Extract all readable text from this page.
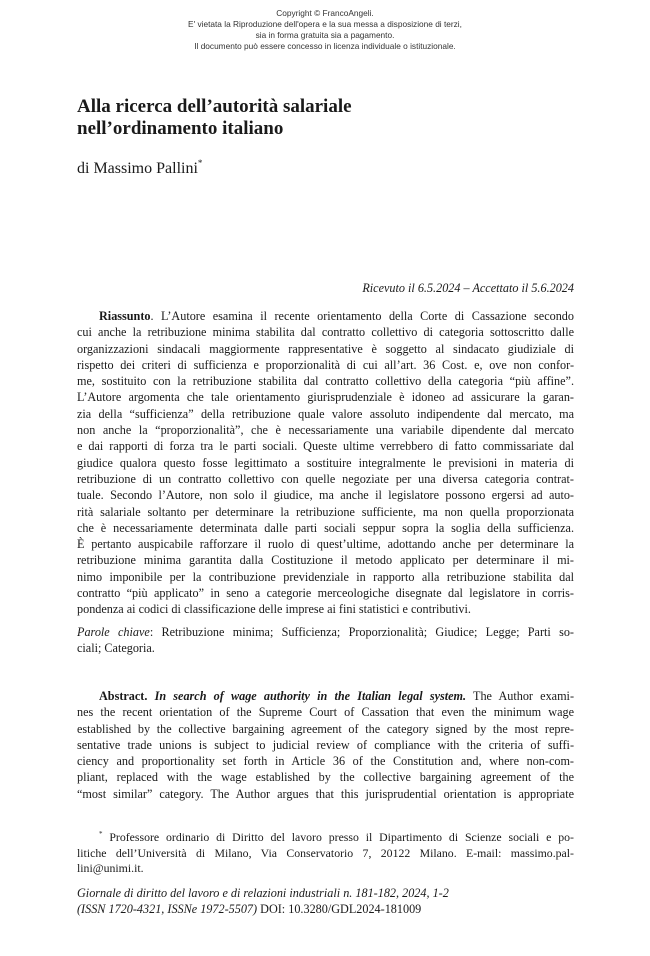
Copyright © FrancoAngeli.
E' vietata la Riproduzione dell'opera e la sua messa a disposizione di terzi,
sia in forma gratuita sia a pagamento.
Il documento può essere concesso in licenza individuale o istituzionale.
Alla ricerca dell’autorità salariale
nell’ordinamento italiano
di Massimo Pallini*
Ricevuto il 6.5.2024 – Accettato il 5.6.2024
Riassunto. L’Autore esamina il recente orientamento della Corte di Cassazione secondo
cui anche la retribuzione minima stabilita dal contratto collettivo di categoria sottoscritto dalle
organizzazioni sindacali maggiormente rappresentative è soggetto al sindacato giudiziale di
rispetto dei criteri di sufficienza e proporzionalità di cui all’art. 36 Cost. e, ove non confor-
me, sostituito con la retribuzione stabilita dal contratto collettivo della categoria “più affine”.
L’Autore argomenta che tale orientamento giurisprudenziale è idoneo ad assicurare la garan-
zia della “sufficienza” della retribuzione quale valore assoluto indipendente dal mercato, ma
non anche la “proporzionalità”, che è necessariamente una variabile dipendente dal mercato
e dai rapporti di forza tra le parti sociali. Queste ultime verrebbero di fatto commissariate dal
giudice qualora questo fosse legittimato a sostituire integralmente le previsioni in materia di
retribuzione di un contratto collettivo con quelle negoziate per una diversa categoria contrat-
tuale. Secondo l’Autore, non solo il giudice, ma anche il legislatore possono ergersi ad auto-
rità salariale soltanto per determinare la retribuzione sufficiente, ma non quella proporzionata
che è necessariamente determinata dalle parti sociali seppur sopra la soglia della sufficienza.
È pertanto auspicabile rafforzare il ruolo di quest’ultime, adottando anche per determinare la
retribuzione minima garantita dalla Costituzione il metodo applicato per determinare il mi-
nimo imponibile per la contribuzione previdenziale in rapporto alla retribuzione stabilita dal
contratto “più applicato” in seno a categorie merceologiche disegnate dal legislatore in corris-
pondenza ai codici di classificazione delle imprese ai fini statistici e contributivi.
Parole chiave: Retribuzione minima; Sufficienza; Proporzionalità; Giudice; Legge; Parti so-
ciali; Categoria.
Abstract. In search of wage authority in the Italian legal system. The Author exami-
nes the recent orientation of the Supreme Court of Cassation that even the minimum wage
established by the collective bargaining agreement of the category signed by the most repre-
sentative trade unions is subject to judicial review of compliance with the criteria of suffi-
ciency and proportionality set forth in Article 36 of the Constitution and, where non-com-
pliant, replaced with the wage established by the collective bargaining agreement of the
“most similar” category. The Author argues that this jurisprudential orientation is appropriate
* Professore ordinario di Diritto del lavoro presso il Dipartimento di Scienze sociali e po-
litiche dell’Università di Milano, Via Conservatorio 7, 20122 Milano. E-mail: massimo.pal-
lini@unimi.it.
Giornale di diritto del lavoro e di relazioni industriali n. 181-182, 2024, 1-2
(ISSN 1720-4321, ISSNe 1972-5507) DOI: 10.3280/GDL2024-181009
